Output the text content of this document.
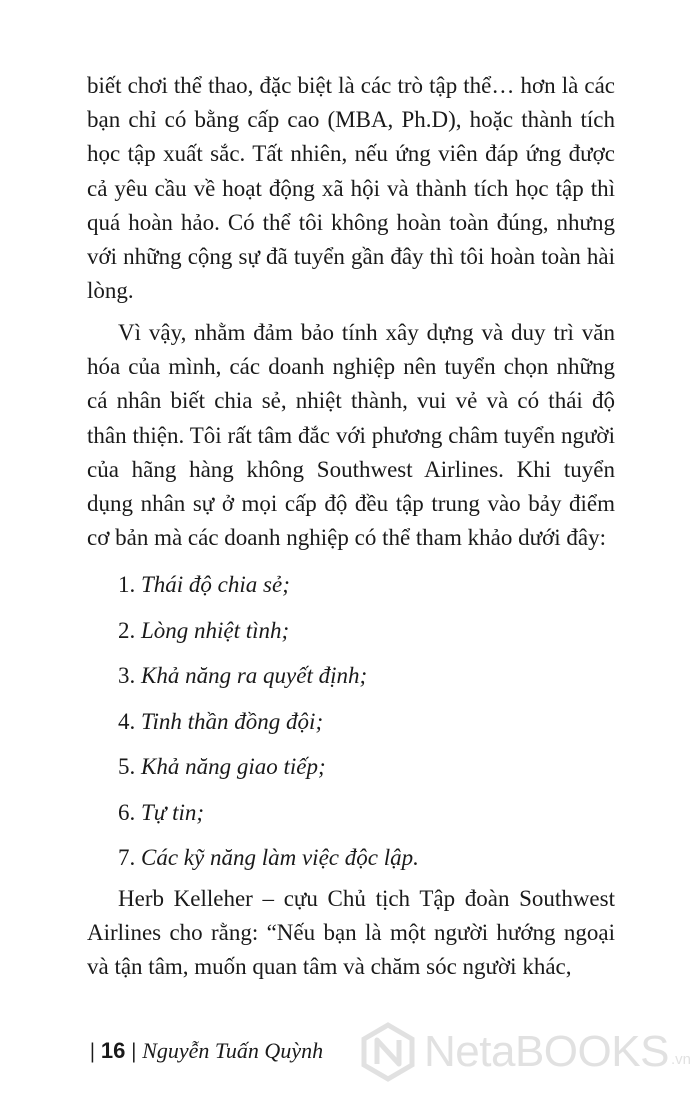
biết chơi thể thao, đặc biệt là các trò tập thể… hơn là các bạn chỉ có bằng cấp cao (MBA, Ph.D), hoặc thành tích học tập xuất sắc. Tất nhiên, nếu ứng viên đáp ứng được cả yêu cầu về hoạt động xã hội và thành tích học tập thì quá hoàn hảo. Có thể tôi không hoàn toàn đúng, nhưng với những cộng sự đã tuyển gần đây thì tôi hoàn toàn hài lòng.

Vì vậy, nhằm đảm bảo tính xây dựng và duy trì văn hóa của mình, các doanh nghiệp nên tuyển chọn những cá nhân biết chia sẻ, nhiệt thành, vui vẻ và có thái độ thân thiện. Tôi rất tâm đắc với phương châm tuyển người của hãng hàng không Southwest Airlines. Khi tuyển dụng nhân sự ở mọi cấp độ đều tập trung vào bảy điểm cơ bản mà các doanh nghiệp có thể tham khảo dưới đây:

1. Thái độ chia sẻ;
2. Lòng nhiệt tình;
3. Khả năng ra quyết định;
4. Tinh thần đồng đội;
5. Khả năng giao tiếp;
6. Tự tin;
7. Các kỹ năng làm việc độc lập.

Herb Kelleher – cựu Chủ tịch Tập đoàn Southwest Airlines cho rằng: “Nếu bạn là một người hướng ngoại và tận tâm, muốn quan tâm và chăm sóc người khác,

| 16 | Nguyễn Tuấn Quỳnh NetaBOOKS .vn
